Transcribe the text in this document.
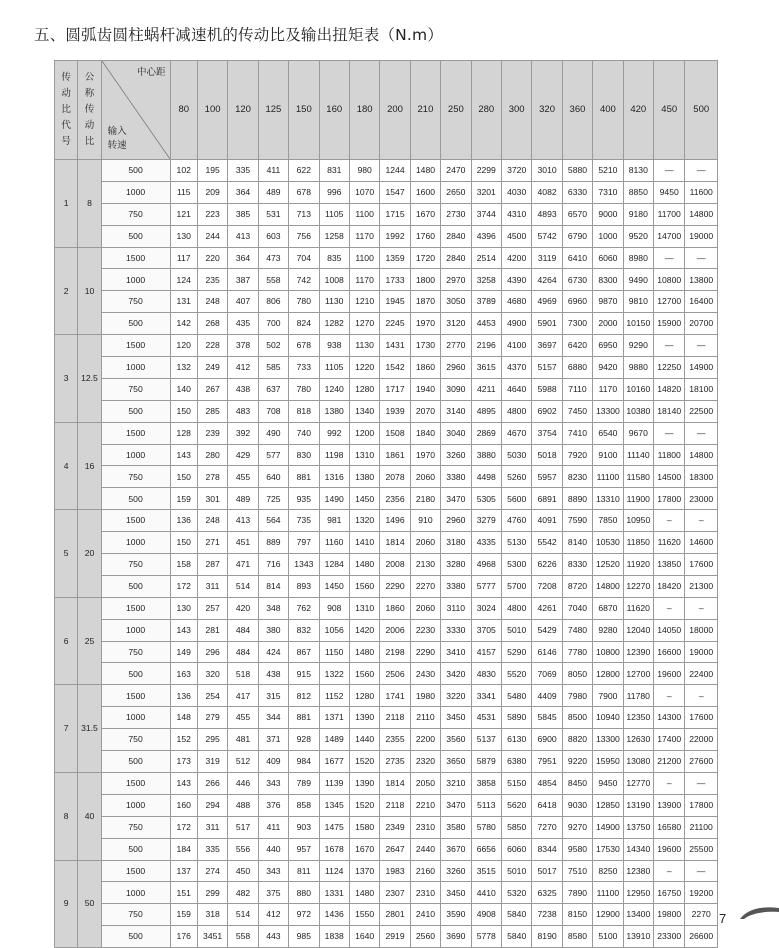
五、圆弧齿圆柱蜗杆减速机的传动比及输出扭矩表（N.m）
传
动
比
代
号	公
称
传
动
比	中心距
输入
转速	80	100	120	125	150	160	180	200	210	250	280	300	320	360	400	420	450	500
1	8	500	102	195	335	411	622	831	980	1244	1480	2470	2299	3720	3010	5880	5210	8130	—	—
		1000	115	209	364	489	678	996	1070	1547	1600	2650	3201	4030	4082	6330	7310	8850	9450	11600
		750	121	223	385	531	713	1105	1100	1715	1670	2730	3744	4310	4893	6570	9000	9180	11700	14800
		500	130	244	413	603	756	1258	1170	1992	1760	2840	4396	4500	5742	6790	1000	9520	14700	19000
2	10	1500	117	220	364	473	704	835	1100	1359	1720	2840	2514	4200	3119	6410	6060	8980	—	—
		1000	124	235	387	558	742	1008	1170	1733	1800	2970	3258	4390	4264	6730	8300	9490	10800	13800
		750	131	248	407	806	780	1130	1210	1945	1870	3050	3789	4680	4969	6960	9870	9810	12700	16400
		500	142	268	435	700	824	1282	1270	2245	1970	3120	4453	4900	5901	7300	2000	10150	15900	20700
3	12.5	1500	120	228	378	502	678	938	1130	1431	1730	2770	2196	4100	3697	6420	6950	9290	—	—
		1000	132	249	412	585	733	1105	1220	1542	1860	2960	3615	4370	5157	6880	9420	9880	12250	14900
		750	140	267	438	637	780	1240	1280	1717	1940	3090	4211	4640	5988	7110	1170	10160	14820	18100
		500	150	285	483	708	818	1380	1340	1939	2070	3140	4895	4800	6902	7450	13300	10380	18140	22500
4	16	1500	128	239	392	490	740	992	1200	1508	1840	3040	2869	4670	3754	7410	6540	9670	—	—
		1000	143	280	429	577	830	1198	1310	1861	1970	3260	3880	5030	5018	7920	9100	11140	11800	14800
		750	150	278	455	640	881	1316	1380	2078	2060	3380	4498	5260	5957	8230	11100	11580	14500	18300
		500	159	301	489	725	935	1490	1450	2356	2180	3470	5305	5600	6891	8890	13310	11900	17800	23000
5	20	1500	136	248	413	564	735	981	1320	1496	910	2960	3279	4760	4091	7590	7850	10950	–	–
		1000	150	271	451	889	797	1160	1410	1814	2060	3180	4335	5130	5542	8140	10530	11850	11620	14600
		750	158	287	471	716	1343	1284	1480	2008	2130	3280	4968	5300	6226	8330	12520	11920	13850	17600
		500	172	311	514	814	893	1450	1560	2290	2270	3380	5777	5700	7208	8720	14800	12270	18420	21300
6	25	1500	130	257	420	348	762	908	1310	1860	2060	3110	3024	4800	4261	7040	6870	11620	–	–
		1000	143	281	484	380	832	1056	1420	2006	2230	3330	3705	5010	5429	7480	9280	12040	14050	18000
		750	149	296	484	424	867	1150	1480	2198	2290	3410	4157	5290	6146	7780	10800	12390	16600	19000
		500	163	320	518	438	915	1322	1560	2506	2430	3420	4830	5520	7069	8050	12800	12700	19600	22400
7	31.5	1500	136	254	417	315	812	1152	1280	1741	1980	3220	3341	5480	4409	7980	7900	11780	–	–
		1000	148	279	455	344	881	1371	1390	2118	2110	3450	4531	5890	5845	8500	10940	12350	14300	17600
		750	152	295	481	371	928	1489	1440	2355	2200	3560	5137	6130	6900	8820	13300	12630	17400	22000
		500	173	319	512	409	984	1677	1520	2735	2320	3650	5879	6380	7951	9220	15950	13080	21200	27600
8	40	1500	143	266	446	343	789	1139	1390	1814	2050	3210	3858	5150	4854	8450	9450	12770	–	—
		1000	160	294	488	376	858	1345	1520	2118	2210	3470	5113	5620	6418	9030	12850	13190	13900	17800
		750	172	311	517	411	903	1475	1580	2349	2310	3580	5780	5850	7270	9270	14900	13750	16580	21100
		500	184	335	556	440	957	1678	1670	2647	2440	3670	6656	6060	8344	9580	17530	14340	19600	25500
9	50	1500	137	274	450	343	811	1124	1370	1983	2160	3260	3515	5010	5017	7510	8250	12380	–	—
		1000	151	299	482	375	880	1331	1480	2307	2310	3450	4410	5320	6325	7890	11100	12950	16750	19200
		750	159	318	514	412	972	1436	1550	2801	2410	3590	4908	5840	7238	8150	12900	13400	19800	2270
		500	176	3451	558	443	985	1838	1640	2919	2560	3690	5778	5840	8190	8580	5100	13910	23300	26600
7
